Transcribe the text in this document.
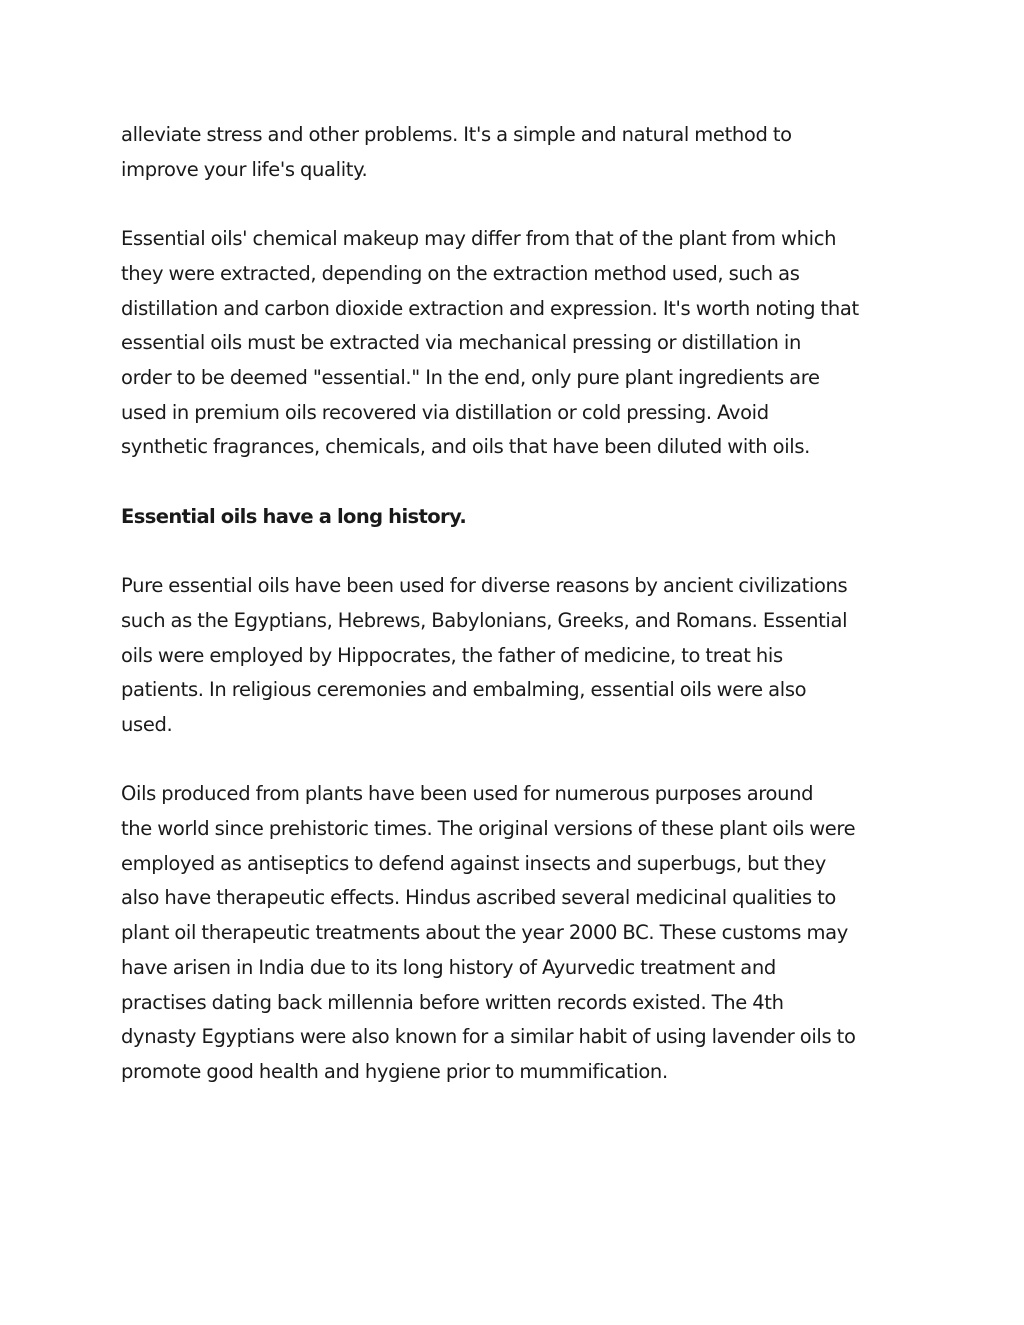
alleviate stress and other problems. It's a simple and natural method to
improve your life's quality.
Essential oils' chemical makeup may differ from that of the plant from which
they were extracted, depending on the extraction method used, such as
distillation and carbon dioxide extraction and expression. It's worth noting that
essential oils must be extracted via mechanical pressing or distillation in
order to be deemed "essential." In the end, only pure plant ingredients are
used in premium oils recovered via distillation or cold pressing. Avoid
synthetic fragrances, chemicals, and oils that have been diluted with oils.
Essential oils have a long history.
Pure essential oils have been used for diverse reasons by ancient civilizations
such as the Egyptians, Hebrews, Babylonians, Greeks, and Romans. Essential
oils were employed by Hippocrates, the father of medicine, to treat his
patients. In religious ceremonies and embalming, essential oils were also
used.
Oils produced from plants have been used for numerous purposes around
the world since prehistoric times. The original versions of these plant oils were
employed as antiseptics to defend against insects and superbugs, but they
also have therapeutic effects. Hindus ascribed several medicinal qualities to
plant oil therapeutic treatments about the year 2000 BC. These customs may
have arisen in India due to its long history of Ayurvedic treatment and
practises dating back millennia before written records existed. The 4th
dynasty Egyptians were also known for a similar habit of using lavender oils to
promote good health and hygiene prior to mummification.
